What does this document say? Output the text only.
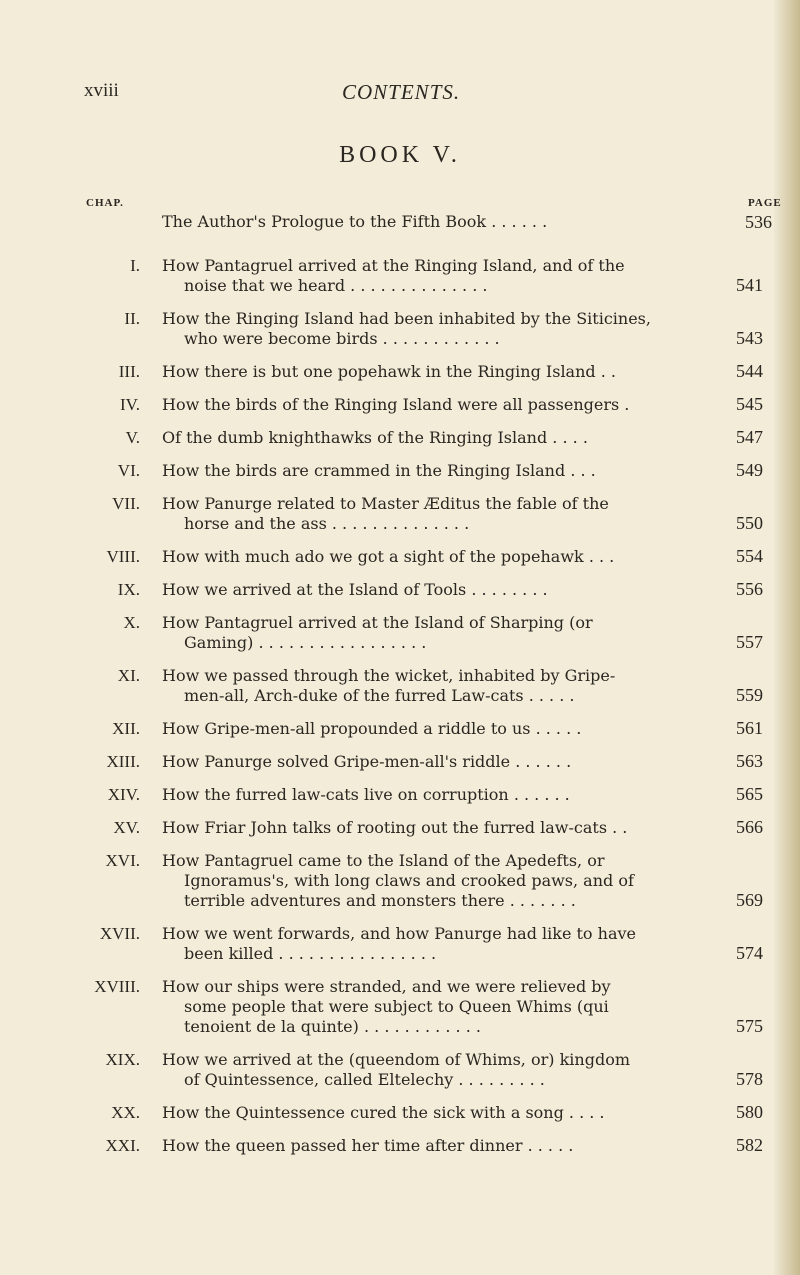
xviii	CONTENTS.
BOOK V.
CHAP.	PAGE
The Author's Prologue to the Fifth Book . . . . . .	536
I. How Pantagruel arrived at the Ringing Island, and of the
noise that we heard . . . . . . . . . . . . . .	541
II. How the Ringing Island had been inhabited by the Siticines,
who were become birds . . . . . . . . . . . .	543
III. How there is but one popehawk in the Ringing Island . .	544
IV. How the birds of the Ringing Island were all passengers .	545
V. Of the dumb knighthawks of the Ringing Island . . . .	547
VI. How the birds are crammed in the Ringing Island . . .	549
VII. How Panurge related to Master Æditus the fable of the
horse and the ass . . . . . . . . . . . . . .	550
VIII. How with much ado we got a sight of the popehawk . . .	554
IX. How we arrived at the Island of Tools . . . . . . . .	556
X. How Pantagruel arrived at the Island of Sharping (or
Gaming) . . . . . . . . . . . . . . . . .	557
XI. How we passed through the wicket, inhabited by Gripe-
men-all, Arch-duke of the furred Law-cats . . . . .	559
XII. How Gripe-men-all propounded a riddle to us . . . . .	561
XIII. How Panurge solved Gripe-men-all's riddle . . . . . .	563
XIV. How the furred law-cats live on corruption . . . . . .	565
XV. How Friar John talks of rooting out the furred law-cats . .	566
XVI. How Pantagruel came to the Island of the Apedefts, or
Ignoramus's, with long claws and crooked paws, and of
terrible adventures and monsters there . . . . . . .	569
XVII. How we went forwards, and how Panurge had like to have
been killed . . . . . . . . . . . . . . . .	574
XVIII. How our ships were stranded, and we were relieved by
some people that were subject to Queen Whims (qui
tenoient de la quinte) . . . . . . . . . . . .	575
XIX. How we arrived at the (queendom of Whims, or) kingdom
of Quintessence, called Eltelechy . . . . . . . . .	578
XX. How the Quintessence cured the sick with a song . . . .	580
XXI. How the queen passed her time after dinner . . . . .	582
